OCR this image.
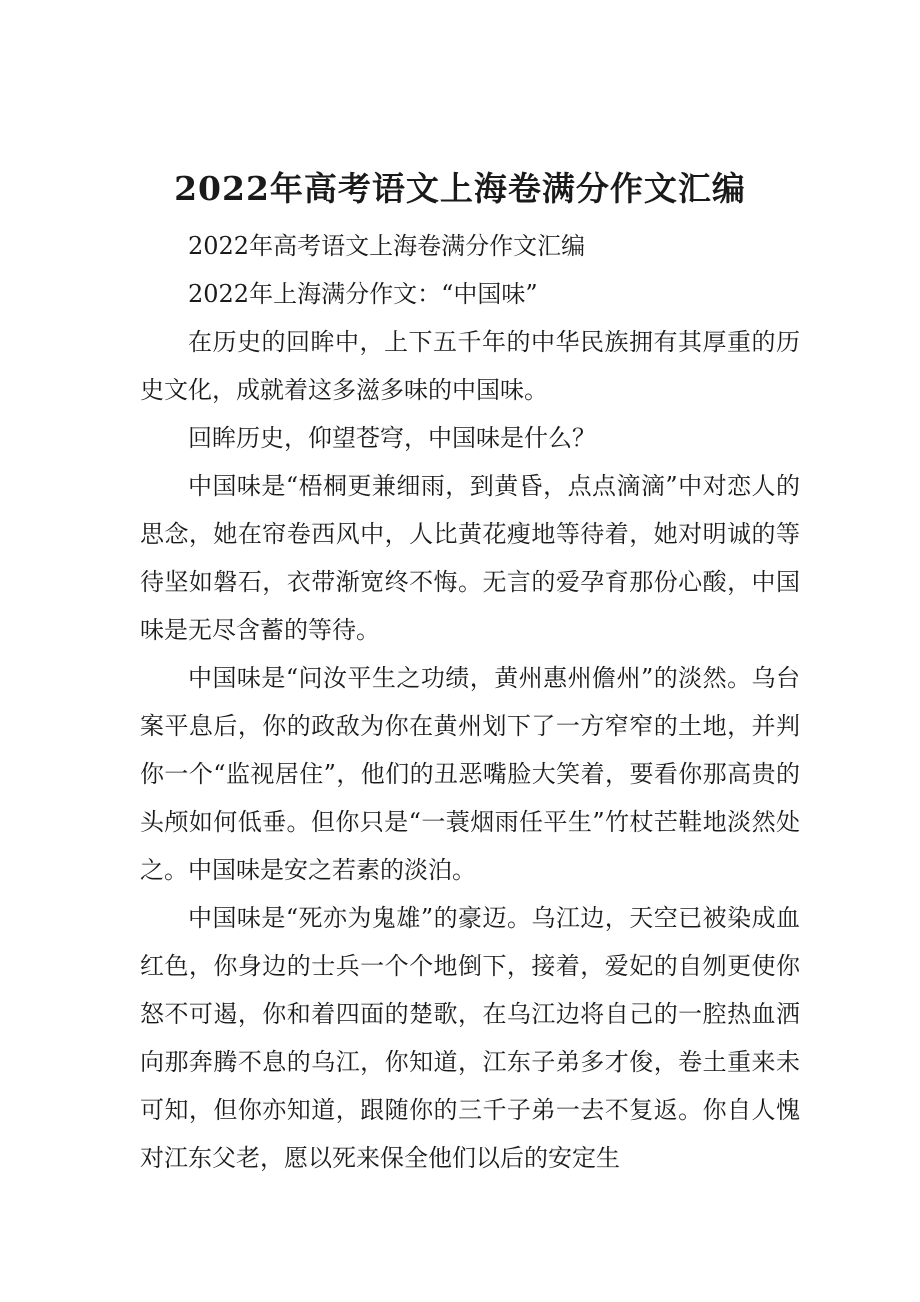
2022年高考语文上海卷满分作文汇编

2022年高考语文上海卷满分作文汇编

2022年上海满分作文：“中国味”

在历史的回眸中，上下五千年的中华民族拥有其厚重的历史文化，成就着这多滋多味的中国味。

回眸历史，仰望苍穹，中国味是什么？

中国味是“梧桐更兼细雨，到黄昏，点点滴滴”中对恋人的思念，她在帘卷西风中，人比黄花瘦地等待着，她对明诚的等待坚如磐石，衣带渐宽终不悔。无言的爱孕育那份心酸，中国味是无尽含蓄的等待。

中国味是“问汝平生之功绩，黄州惠州儋州”的淡然。乌台案平息后，你的政敌为你在黄州划下了一方窄窄的土地，并判你一个“监视居住”，他们的丑恶嘴脸大笑着，要看你那高贵的头颅如何低垂。但你只是“一蓑烟雨任平生”竹杖芒鞋地淡然处之。中国味是安之若素的淡泊。

中国味是“死亦为鬼雄”的豪迈。乌江边，天空已被染成血红色，你身边的士兵一个个地倒下，接着，爱妃的自刎更使你怒不可遏，你和着四面的楚歌，在乌江边将自己的一腔热血洒向那奔腾不息的乌江，你知道，江东子弟多才俊，卷土重来未可知，但你亦知道，跟随你的三千子弟一去不复返。你自人愧对江东父老，愿以死来保全他们以后的安定生
